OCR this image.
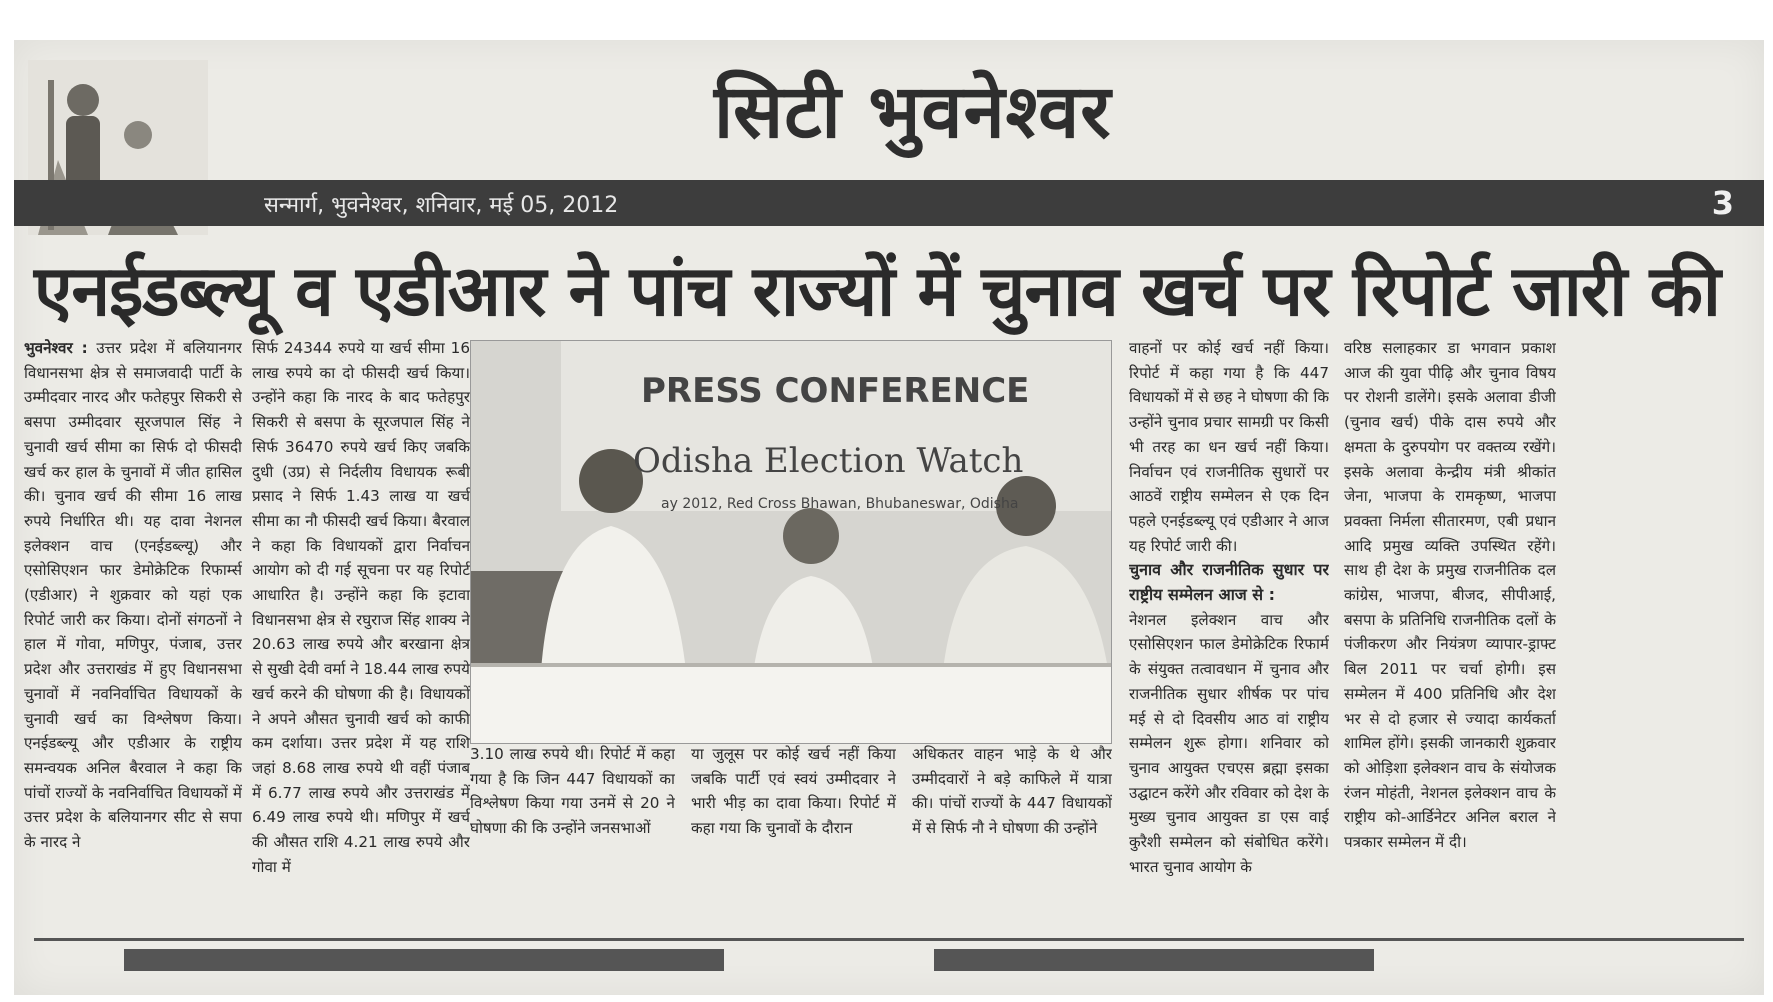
सिटी भुवनेश्वर
सन्मार्ग, भुवनेश्वर, शनिवार, मई 05, 2012	3
एनईडब्ल्यू व एडीआर ने पांच राज्यों में चुनाव खर्च पर रिपोर्ट जारी की
भुवनेश्वर : उत्तर प्रदेश में बलियानगर विधानसभा क्षेत्र से समाजवादी पार्टी के उम्मीदवार नारद और फतेहपुर सिकरी से बसपा उम्मीदवार सूरजपाल सिंह ने चुनावी खर्च सीमा का सिर्फ दो फीसदी खर्च कर हाल के चुनावों में जीत हासिल की। चुनाव खर्च की सीमा 16 लाख रुपये निर्धारित थी। यह दावा नेशनल इलेक्शन वाच (एनईडब्ल्यू) और एसोसिएशन फार डेमोक्रेटिक रिफार्म्स (एडीआर) ने शुक्रवार को यहां एक रिपोर्ट जारी कर किया। दोनों संगठनों ने हाल में गोवा, मणिपुर, पंजाब, उत्तर प्रदेश और उत्तराखंड में हुए विधानसभा चुनावों में नवनिर्वाचित विधायकों के चुनावी खर्च का विश्लेषण किया। एनईडब्ल्यू और एडीआर के राष्ट्रीय समन्वयक अनिल बैरवाल ने कहा कि पांचों राज्यों के नवनिर्वाचित विधायकों में उत्तर प्रदेश के बलियानगर सीट से सपा के नारद ने
सिर्फ 24344 रुपये या खर्च सीमा 16 लाख रुपये का दो फीसदी खर्च किया। उन्होंने कहा कि नारद के बाद फतेहपुर सिकरी से बसपा के सूरजपाल सिंह ने सिर्फ 36470 रुपये खर्च किए जबकि दुधी (उप्र) से निर्दलीय विधायक रूबी प्रसाद ने सिर्फ 1.43 लाख या खर्च सीमा का नौ फीसदी खर्च किया। बैरवाल ने कहा कि विधायकों द्वारा निर्वाचन आयोग को दी गई सूचना पर यह रिपोर्ट आधारित है। उन्होंने कहा कि इटावा विधानसभा क्षेत्र से रघुराज सिंह शाक्य ने 20.63 लाख रुपये और बरखाना क्षेत्र से सुखी देवी वर्मा ने 18.44 लाख रुपये खर्च करने की घोषणा की है। विधायकों ने अपने औसत चुनावी खर्च को काफी कम दर्शाया। उत्तर प्रदेश में यह राशि जहां 8.68 लाख रुपये थी वहीं पंजाब में 6.77 लाख रुपये और उत्तराखंड में 6.49 लाख रुपये थी। मणिपुर में खर्च की औसत राशि 4.21 लाख रुपये और गोवा में
PRESS CONFERENCE
Odisha Election Watch
ay 2012, Red Cross Bhawan, Bhubaneswar, Odisha
3.10 लाख रुपये थी। रिपोर्ट में कहा गया है कि जिन 447 विधायकों का विश्लेषण किया गया उनमें से 20 ने घोषणा की कि उन्होंने जनसभाओं
या जुलूस पर कोई खर्च नहीं किया जबकि पार्टी एवं स्वयं उम्मीदवार ने भारी भीड़ का दावा किया। रिपोर्ट में कहा गया कि चुनावों के दौरान
अधिकतर वाहन भाड़े के थे और उम्मीदवारों ने बड़े काफिले में यात्रा की। पांचों राज्यों के 447 विधायकों में से सिर्फ नौ ने घोषणा की उन्होंने
वाहनों पर कोई खर्च नहीं किया। रिपोर्ट में कहा गया है कि 447 विधायकों में से छह ने घोषणा की कि उन्होंने चुनाव प्रचार सामग्री पर किसी भी तरह का धन खर्च नहीं किया। निर्वाचन एवं राजनीतिक सुधारों पर आठवें राष्ट्रीय सम्मेलन से एक दिन पहले एनईडब्ल्यू एवं एडीआर ने आज यह रिपोर्ट जारी की।
चुनाव और राजनीतिक सुधार पर राष्ट्रीय सम्मेलन आज से :
नेशनल इलेक्शन वाच और एसोसिएशन फाल डेमोक्रेटिक रिफार्म के संयुक्त तत्वावधान में चुनाव और राजनीतिक सुधार शीर्षक पर पांच मई से दो दिवसीय आठ वां राष्ट्रीय सम्मेलन शुरू होगा। शनिवार को चुनाव आयुक्त एचएस ब्रह्मा इसका उद्घाटन करेंगे और रविवार को देश के मुख्य चुनाव आयुक्त डा एस वाई कुरैशी सम्मेलन को संबोधित करेंगे। भारत चुनाव आयोग के
वरिष्ठ सलाहकार डा भगवान प्रकाश आज की युवा पीढ़ि और चुनाव विषय पर रोशनी डालेंगे। इसके अलावा डीजी (चुनाव खर्च) पीके दास रुपये और क्षमता के दुरुपयोग पर वक्तव्य रखेंगे। इसके अलावा केन्द्रीय मंत्री श्रीकांत जेना, भाजपा के रामकृष्ण, भाजपा प्रवक्ता निर्मला सीतारमण, एबी प्रधान आदि प्रमुख व्यक्ति उपस्थित रहेंगे। साथ ही देश के प्रमुख राजनीतिक दल कांग्रेस, भाजपा, बीजद, सीपीआई, बसपा के प्रतिनिधि राजनीतिक दलों के पंजीकरण और नियंत्रण व्यापार-ड्राफ्ट बिल 2011 पर चर्चा होगी। इस सम्मेलन में 400 प्रतिनिधि और देश भर से दो हजार से ज्यादा कार्यकर्ता शामिल होंगे। इसकी जानकारी शुक्रवार को ओड़िशा इलेक्शन वाच के संयोजक रंजन मोहंती, नेशनल इलेक्शन वाच के राष्ट्रीय को-आर्डिनेटर अनिल बराल ने पत्रकार सम्मेलन में दी।
